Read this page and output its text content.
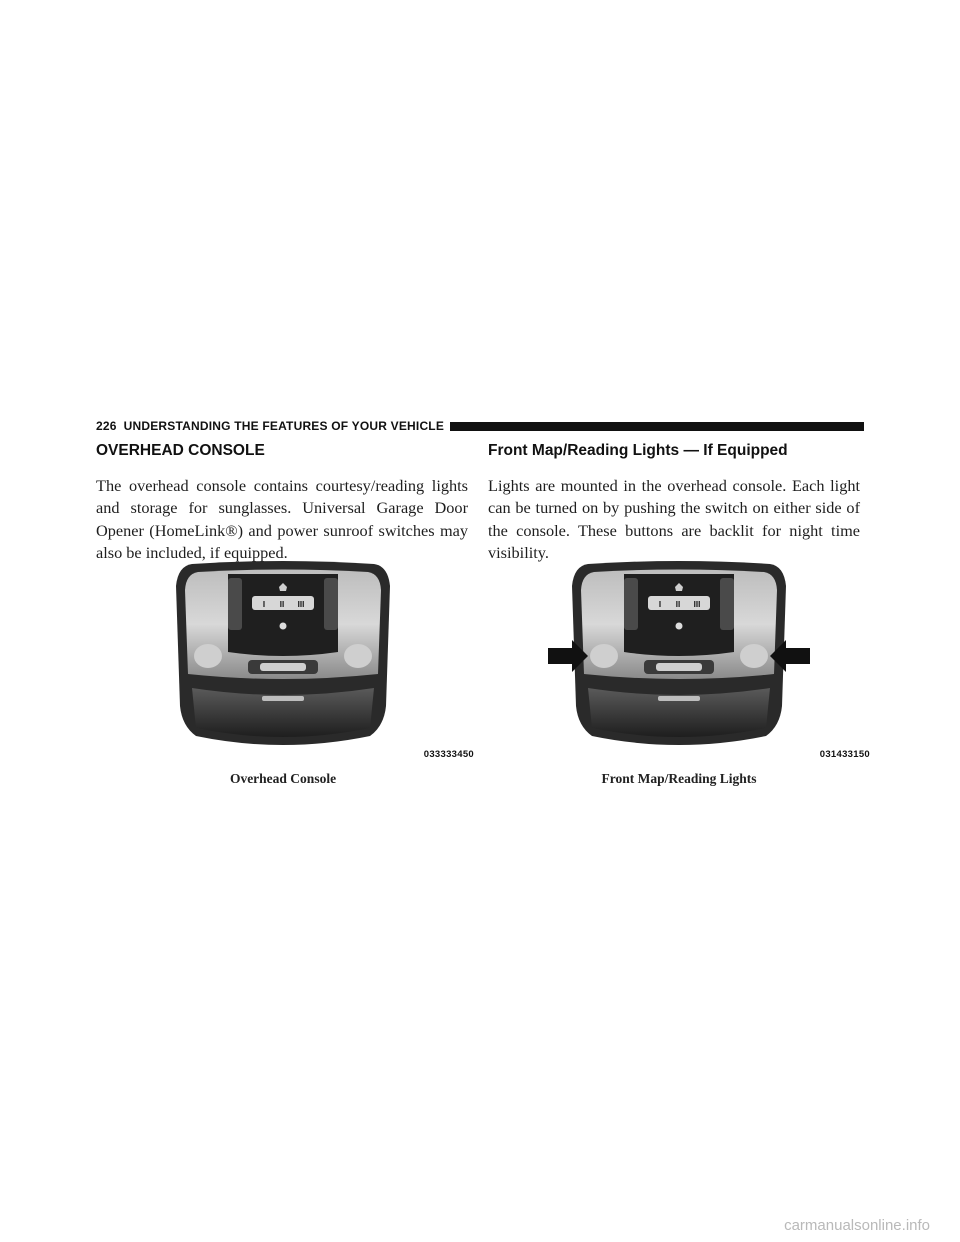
226 UNDERSTANDING THE FEATURES OF YOUR VEHICLE
OVERHEAD CONSOLE

The overhead console contains courtesy/reading lights and storage for sunglasses. Universal Garage Door Opener (HomeLink®) and power sunroof switches may also be included, if equipped.

Front Map/Reading Lights — If Equipped

Lights are mounted in the overhead console. Each light can be turned on by pushing the switch on either side of the console. These buttons are backlit for night time visibility.

I II III
033333450
Overhead Console
I II III
031433150
Front Map/Reading Lights
carmanualsonline.info
